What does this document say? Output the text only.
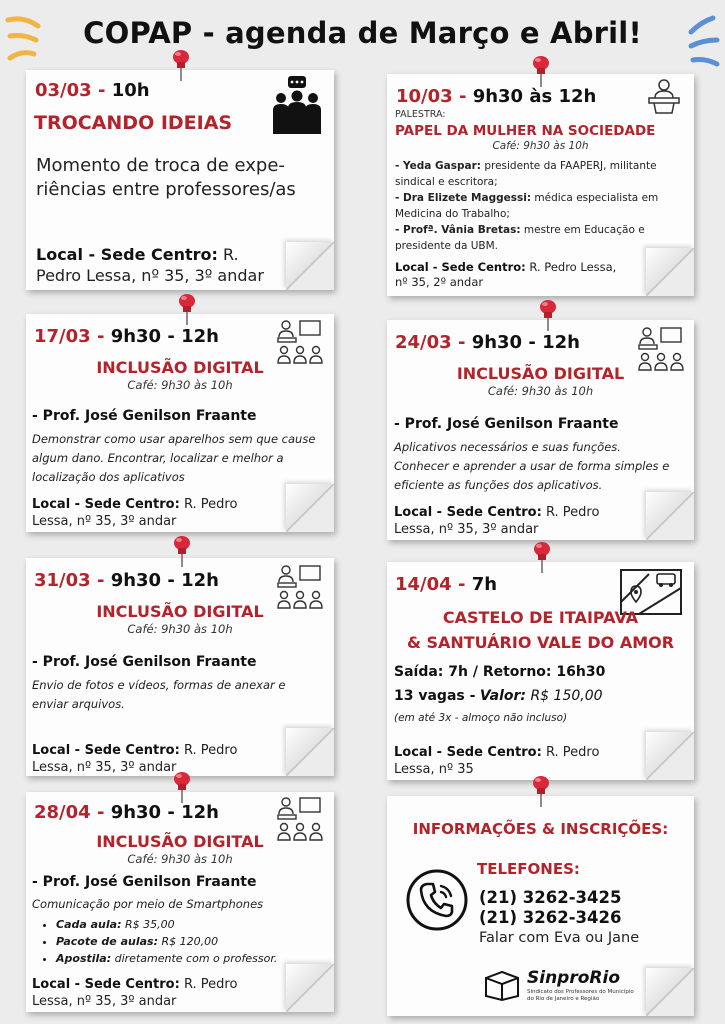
COPAP - agenda de Março e Abril!
03/03 - 10h
TROCANDO IDEIAS
Momento de troca de expe-
riências entre professores/as
Local - Sede Centro: R.
Pedro Lessa, nº 35, 3º andar
10/03 - 9h30 às 12h
PALESTRA:
PAPEL DA MULHER NA SOCIEDADE
Café: 9h30 às 10h
- Yeda Gaspar: presidente da FAAPERJ, militante
sindical e escritora;
- Dra Elizete Maggessi: médica especialista em
Medicina do Trabalho;
- Profª. Vânia Bretas: mestre em Educação e
presidente da UBM.
Local - Sede Centro: R. Pedro Lessa,
nº 35, 2º andar
17/03 - 9h30 - 12h
INCLUSÃO DIGITAL
Café: 9h30 às 10h
- Prof. José Genilson Fraante
Demonstrar como usar aparelhos sem que cause
algum dano. Encontrar, localizar e melhor a
localização dos aplicativos
Local - Sede Centro: R. Pedro
Lessa, nº 35, 3º andar
24/03 - 9h30 - 12h
INCLUSÃO DIGITAL
Café: 9h30 às 10h
- Prof. José Genilson Fraante
Aplicativos necessários e suas funções.
Conhecer e aprender a usar de forma simples e
eficiente as funções dos aplicativos.
Local - Sede Centro: R. Pedro
Lessa, nº 35, 3º andar
31/03 - 9h30 - 12h
INCLUSÃO DIGITAL
Café: 9h30 às 10h
- Prof. José Genilson Fraante
Envio de fotos e vídeos, formas de anexar e
enviar arquivos.
Local - Sede Centro: R. Pedro
Lessa, nº 35, 3º andar
14/04 - 7h
CASTELO DE ITAIPAVA
& SANTUÁRIO VALE DO AMOR
Saída: 7h / Retorno: 16h30
13 vagas - Valor: R$ 150,00
(em até 3x - almoço não incluso)
Local - Sede Centro: R. Pedro
Lessa, nº 35
28/04 - 9h30 - 12h
INCLUSÃO DIGITAL
Café: 9h30 às 10h
- Prof. José Genilson Fraante
Comunicação por meio de Smartphones
• Cada aula: R$ 35,00
• Pacote de aulas: R$ 120,00
• Apostila: diretamente com o professor.
Local - Sede Centro: R. Pedro
Lessa, nº 35, 3º andar
INFORMAÇÕES & INSCRIÇÕES:
TELEFONES:
(21) 3262-3425
(21) 3262-3426
Falar com Eva ou Jane
SinproRio
Sindicato dos Professores do Município
do Rio de Janeiro e Região
